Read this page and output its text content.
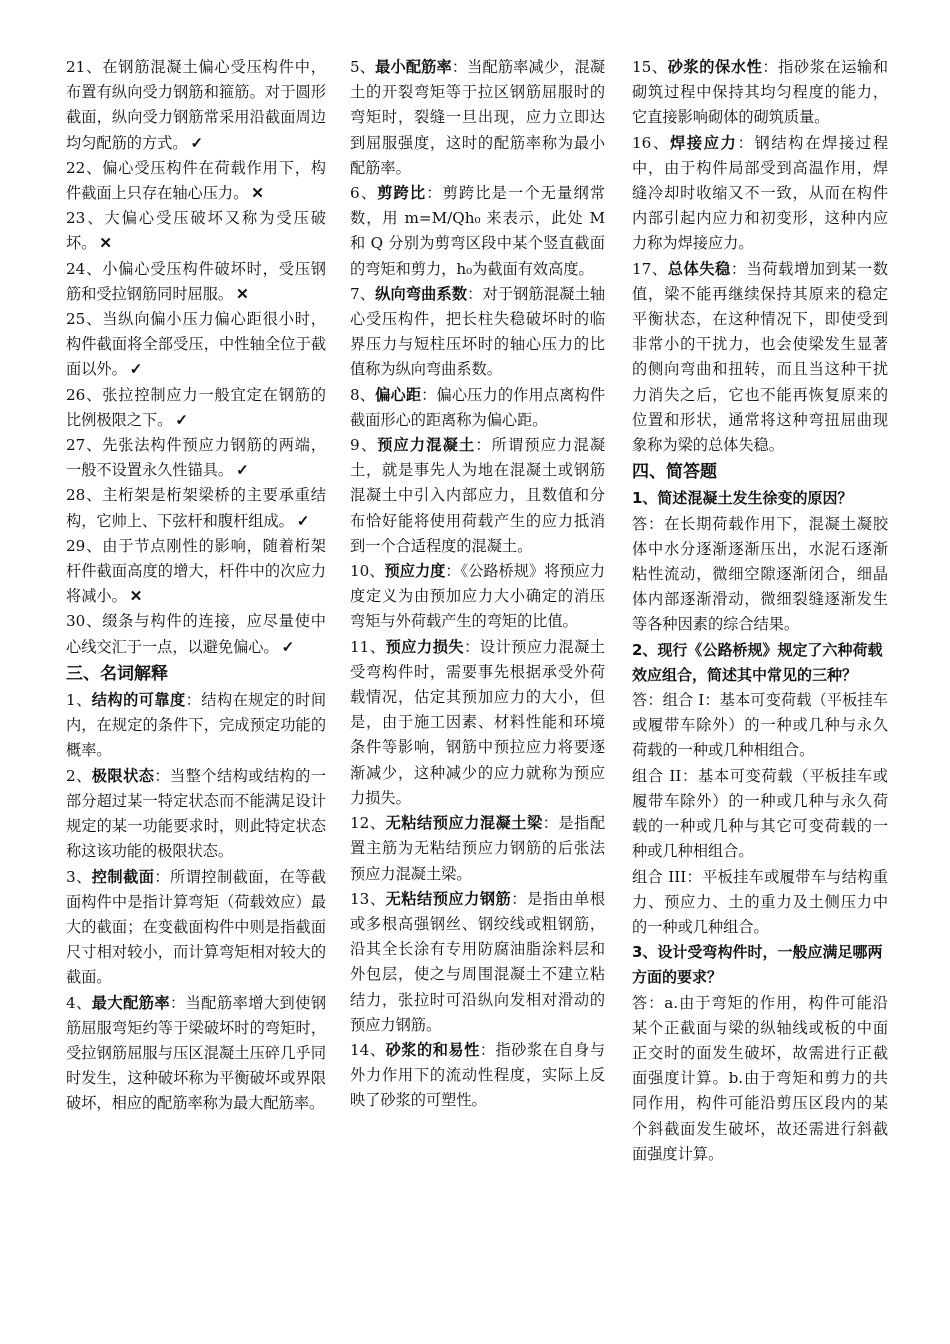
21、在钢筋混凝土偏心受压构件中，布置有纵向受力钢筋和箍筋。对于圆形截面，纵向受力钢筋常采用沿截面周边均匀配筋的方式。 ✓

22、偏心受压构件在荷载作用下，构件截面上只存在轴心压力。 ✕

23、大偏心受压破坏又称为受压破坏。 ✕

24、小偏心受压构件破坏时，受压钢筋和受拉钢筋同时屈服。 ✕

25、当纵向偏小压力偏心距很小时，构件截面将全部受压，中性轴全位于截面以外。 ✓

26、张拉控制应力一般宜定在钢筋的比例极限之下。 ✓

27、先张法构件预应力钢筋的两端，一般不设置永久性锚具。 ✓

28、主桁架是桁架梁桥的主要承重结构，它帅上、下弦杆和腹杆组成。 ✓

29、由于节点刚性的影响，随着桁架杆件截面高度的增大，杆件中的次应力将减小。 ✕

30、缀条与构件的连接，应尽量使中心线交汇于一点，以避免偏心。 ✓

三、名词解释

1、结构的可靠度：结构在规定的时间内，在规定的条件下，完成预定功能的概率。

2、极限状态：当整个结构或结构的一部分超过某一特定状态而不能满足设计规定的某一功能要求时，则此特定状态称这该功能的极限状态。

3、控制截面：所谓控制截面，在等截面构件中是指计算弯矩（荷载效应）最大的截面；在变截面构件中则是指截面尺寸相对较小，而计算弯矩相对较大的截面。

4、最大配筋率：当配筋率增大到使钢筋屈服弯矩约等于梁破坏时的弯矩时，受拉钢筋屈服与压区混凝土压碎几乎同时发生，这种破坏称为平衡破坏或界限破坏，相应的配筋率称为最大配筋率。

5、最小配筋率：当配筋率减少，混凝土的开裂弯矩等于拉区钢筋屈服时的弯矩时，裂缝一旦出现，应力立即达到屈服强度，这时的配筋率称为最小配筋率。

6、剪跨比：剪跨比是一个无量纲常数，用 m=M/Qh₀ 来表示，此处 M 和 Q 分别为剪弯区段中某个竖直截面的弯矩和剪力，h₀为截面有效高度。

7、纵向弯曲系数：对于钢筋混凝土轴心受压构件，把长柱失稳破坏时的临界压力与短柱压坏时的轴心压力的比值称为纵向弯曲系数。

8、偏心距：偏心压力的作用点离构件截面形心的距离称为偏心距。

9、预应力混凝土：所谓预应力混凝土，就是事先人为地在混凝土或钢筋混凝土中引入内部应力，且数值和分布恰好能将使用荷载产生的应力抵消到一个合适程度的混凝土。

10、预应力度：《公路桥规》将预应力度定义为由预加应力大小确定的消压弯矩与外荷载产生的弯矩的比值。

11、预应力损失：设计预应力混凝土受弯构件时，需要事先根据承受外荷载情况，估定其预加应力的大小，但是，由于施工因素、材料性能和环境条件等影响，钢筋中预拉应力将要逐渐减少，这种减少的应力就称为预应力损失。

12、无粘结预应力混凝土梁：是指配置主筋为无粘结预应力钢筋的后张法预应力混凝土梁。

13、无粘结预应力钢筋：是指由单根或多根高强钢丝、钢绞线或粗钢筋，沿其全长涂有专用防腐油脂涂料层和外包层，使之与周围混凝土不建立粘结力，张拉时可沿纵向发相对滑动的预应力钢筋。

14、砂浆的和易性：指砂浆在自身与外力作用下的流动性程度，实际上反映了砂浆的可塑性。

15、砂浆的保水性：指砂浆在运输和砌筑过程中保持其均匀程度的能力，它直接影响砌体的砌筑质量。

16、焊接应力：钢结构在焊接过程中，由于构件局部受到高温作用，焊缝冷却时收缩又不一致，从而在构件内部引起内应力和初变形，这种内应力称为焊接应力。

17、总体失稳：当荷载增加到某一数值，梁不能再继续保持其原来的稳定平衡状态，在这种情况下，即使受到非常小的干扰力，也会使梁发生显著的侧向弯曲和扭转，而且当这种干扰力消失之后，它也不能再恢复原来的位置和形状，通常将这种弯扭屈曲现象称为梁的总体失稳。

四、简答题

1、简述混凝土发生徐变的原因？

答：在长期荷载作用下，混凝土凝胶体中水分逐渐逐渐压出，水泥石逐渐粘性流动，微细空隙逐渐闭合，细晶体内部逐渐滑动，微细裂缝逐渐发生等各种因素的综合结果。

2、现行《公路桥规》规定了六种荷载效应组合，简述其中常见的三种？

答：组合 I：基本可变荷载（平板挂车或履带车除外）的一种或几种与永久荷载的一种或几种相组合。

组合 II：基本可变荷载（平板挂车或履带车除外）的一种或几种与永久荷载的一种或几种与其它可变荷载的一种或几种相组合。

组合 III：平板挂车或履带车与结构重力、预应力、土的重力及土侧压力中的一种或几种组合。

3、设计受弯构件时，一般应满足哪两方面的要求？

答：a.由于弯矩的作用，构件可能沿某个正截面与梁的纵轴线或板的中面正交时的面发生破坏，故需进行正截面强度计算。b.由于弯矩和剪力的共同作用，构件可能沿剪压区段内的某个斜截面发生破坏，故还需进行斜截面强度计算。
